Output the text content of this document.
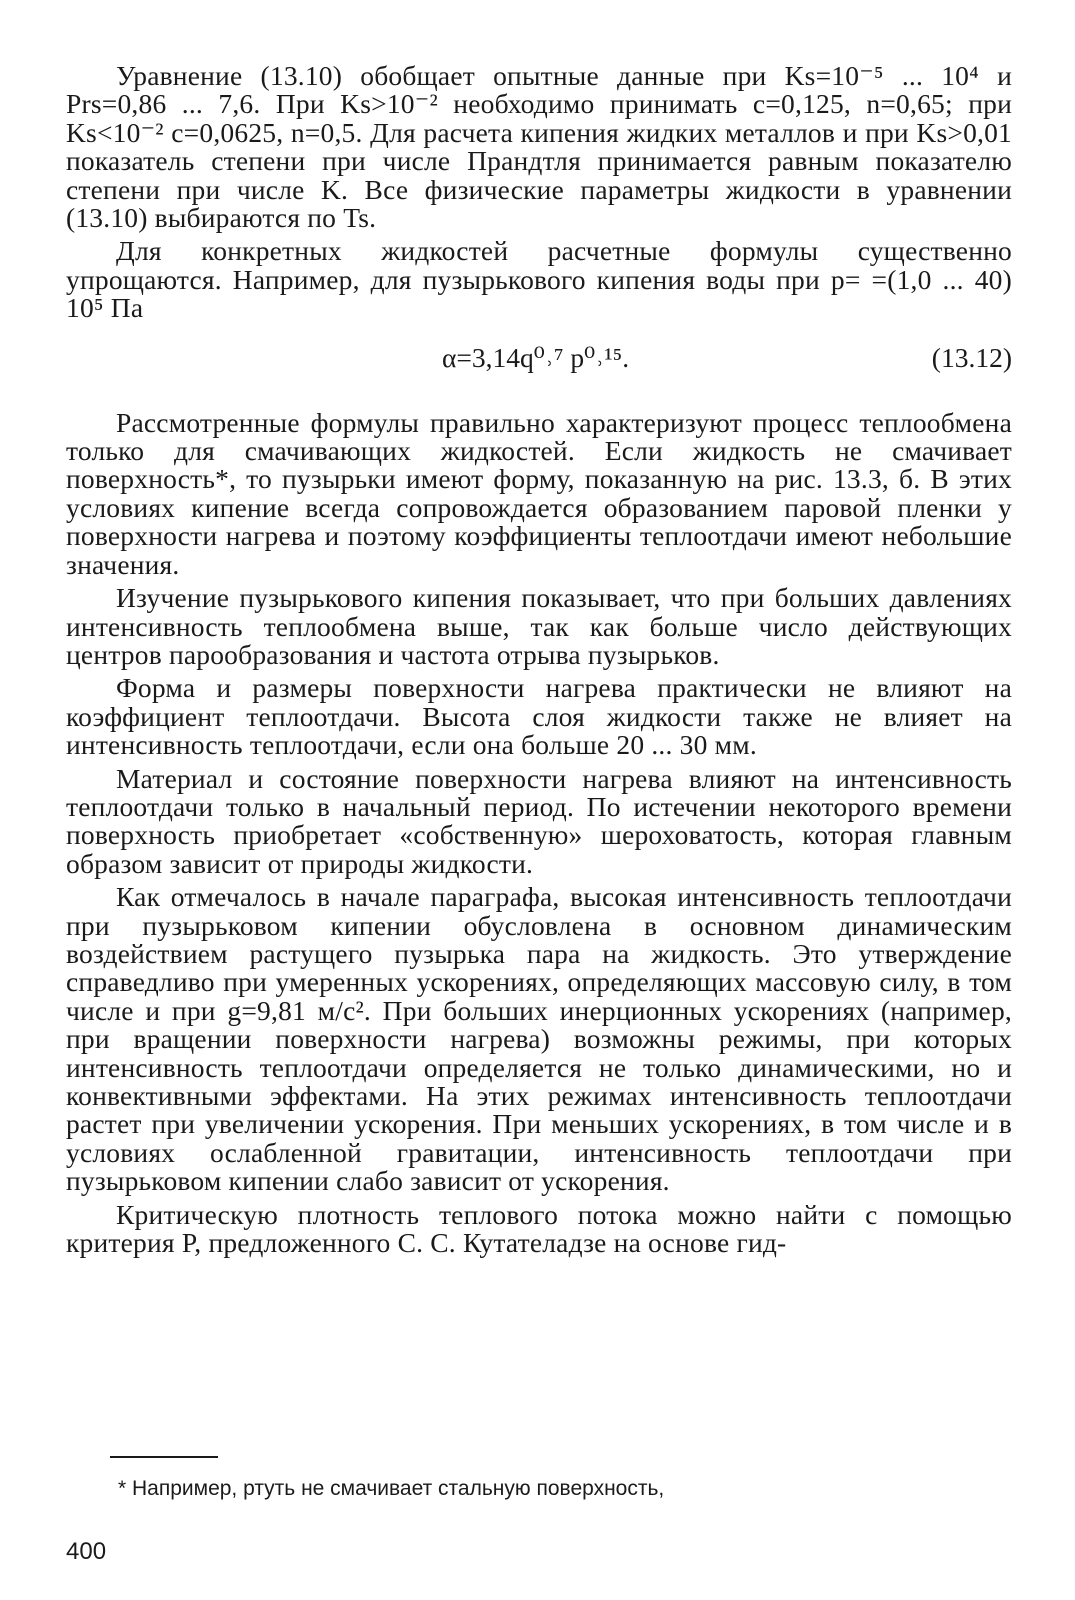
Уравнение (13.10) обобщает опытные данные при Ks=10⁻⁵ ... 10⁴ и Prs=0,86 ... 7,6. При Ks>10⁻² необходимо принимать c=0,125, n=0,65; при Ks<10⁻² c=0,0625, n=0,5. Для расчета кипения жидких металлов и при Ks>0,01 показатель степени при числе Прандтля принимается равным показателю степени при числе K. Все физические параметры жидкости в уравнении (13.10) выбираются по Ts.

Для конкретных жидкостей расчетные формулы существенно упрощаются. Например, для пузырькового кипения воды при p= =(1,0 ... 40) 10⁵ Па

α=3,14q⁰˒⁷ p⁰˒¹⁵.	(13.12)

Рассмотренные формулы правильно характеризуют процесс теплообмена только для смачивающих жидкостей. Если жидкость не смачивает поверхность*, то пузырьки имеют форму, показанную на рис. 13.3, б. В этих условиях кипение всегда сопровождается образованием паровой пленки у поверхности нагрева и поэтому коэффициенты теплоотдачи имеют небольшие значения.

Изучение пузырькового кипения показывает, что при больших давлениях интенсивность теплообмена выше, так как больше число действующих центров парообразования и частота отрыва пузырьков.

Форма и размеры поверхности нагрева практически не влияют на коэффициент теплоотдачи. Высота слоя жидкости также не влияет на интенсивность теплоотдачи, если она больше 20 ... 30 мм.

Материал и состояние поверхности нагрева влияют на интенсивность теплоотдачи только в начальный период. По истечении некоторого времени поверхность приобретает «собственную» шероховатость, которая главным образом зависит от природы жидкости.

Как отмечалось в начале параграфа, высокая интенсивность теплоотдачи при пузырьковом кипении обусловлена в основном динамическим воздействием растущего пузырька пара на жидкость. Это утверждение справедливо при умеренных ускорениях, определяющих массовую силу, в том числе и при g=9,81 м/с². При больших инерционных ускорениях (например, при вращении поверхности нагрева) возможны режимы, при которых интенсивность теплоотдачи определяется не только динамическими, но и конвективными эффектами. На этих режимах интенсивность теплоотдачи растет при увеличении ускорения. При меньших ускорениях, в том числе и в условиях ослабленной гравитации, интенсивность теплоотдачи при пузырьковом кипении слабо зависит от ускорения.

Критическую плотность теплового потока можно найти с помощью критерия P, предложенного С. С. Кутателадзе на основе гид-

* Например, ртуть не смачивает стальную поверхность,
400
